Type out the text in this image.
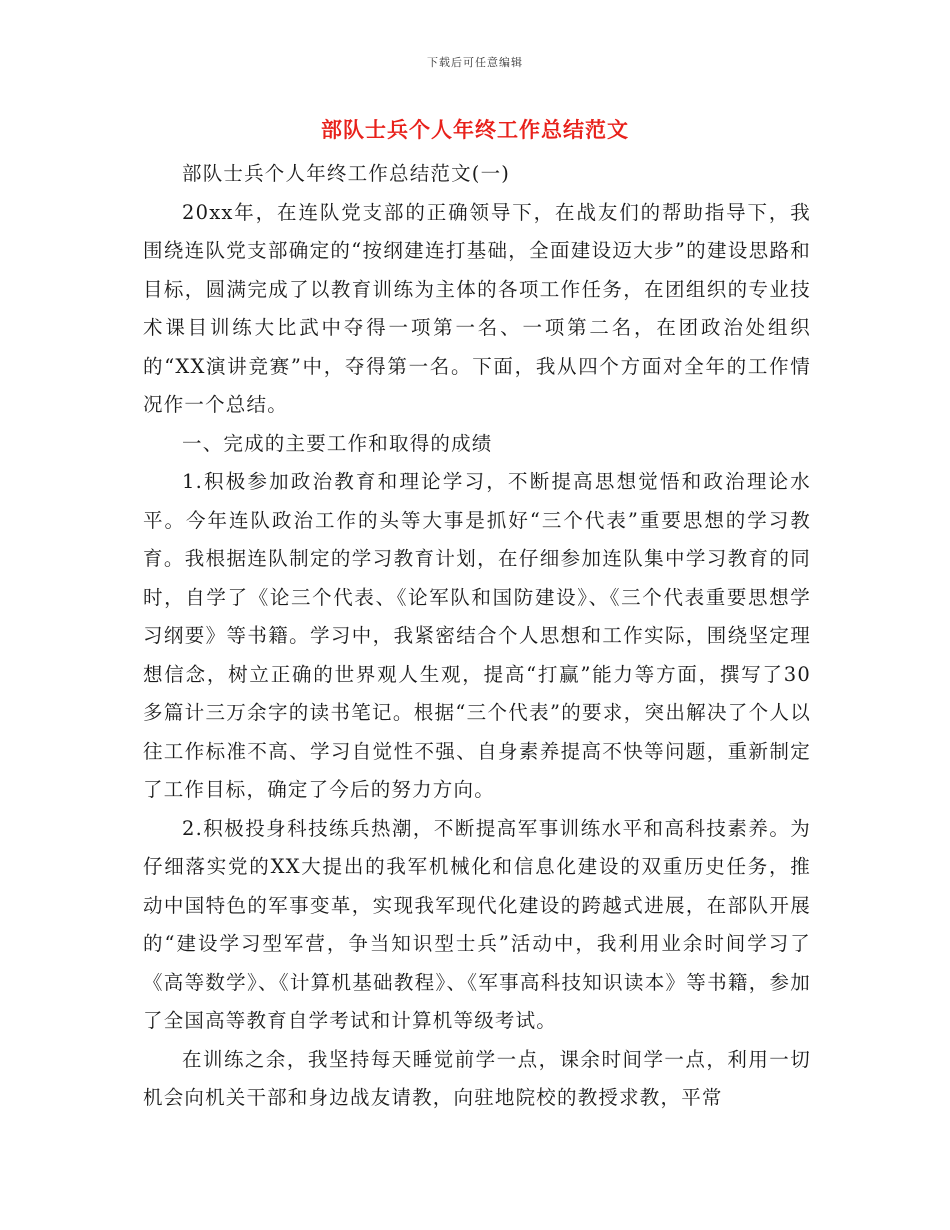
下载后可任意编辑
部队士兵个人年终工作总结范文

部队士兵个人年终工作总结范文(一)

20xx年，在连队党支部的正确领导下，在战友们的帮助指导下，我围绕连队党支部确定的“按纲建连打基础，全面建设迈大步”的建设思路和目标，圆满完成了以教育训练为主体的各项工作任务，在团组织的专业技术课目训练大比武中夺得一项第一名、一项第二名，在团政治处组织的“XX演讲竞赛”中，夺得第一名。下面，我从四个方面对全年的工作情况作一个总结。

一、完成的主要工作和取得的成绩

1.积极参加政治教育和理论学习，不断提高思想觉悟和政治理论水平。今年连队政治工作的头等大事是抓好“三个代表”重要思想的学习教育。我根据连队制定的学习教育计划，在仔细参加连队集中学习教育的同时，自学了《论三个代表、《论军队和国防建设》、《三个代表重要思想学习纲要》等书籍。学习中，我紧密结合个人思想和工作实际，围绕坚定理想信念，树立正确的世界观人生观，提高“打赢”能力等方面，撰写了30多篇计三万余字的读书笔记。根据“三个代表”的要求，突出解决了个人以往工作标准不高、学习自觉性不强、自身素养提高不快等问题，重新制定了工作目标，确定了今后的努力方向。

2.积极投身科技练兵热潮，不断提高军事训练水平和高科技素养。为仔细落实党的XX大提出的我军机械化和信息化建设的双重历史任务，推动中国特色的军事变革，实现我军现代化建设的跨越式进展，在部队开展的“建设学习型军营，争当知识型士兵”活动中，我利用业余时间学习了《高等数学》、《计算机基础教程》、《军事高科技知识读本》等书籍，参加了全国高等教育自学考试和计算机等级考试。

在训练之余，我坚持每天睡觉前学一点，课余时间学一点，利用一切机会向机关干部和身边战友请教，向驻地院校的教授求教，平常
